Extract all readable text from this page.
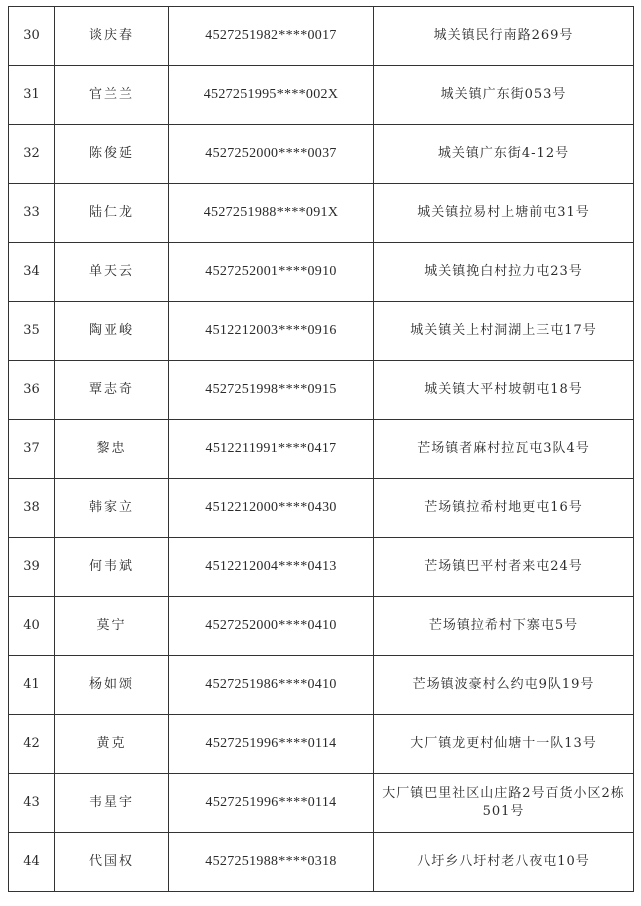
30	谈庆春	4527251982****0017	城关镇民行南路269号
31	官兰兰	4527251995****002X	城关镇广东街053号
32	陈俊延	4527252000****0037	城关镇广东街4-12号
33	陆仁龙	4527251988****091X	城关镇拉易村上塘前屯31号
34	单天云	4527252001****0910	城关镇挽白村拉力屯23号
35	陶亚峻	4512212003****0916	城关镇关上村洞湖上三屯17号
36	覃志奇	4527251998****0915	城关镇大平村坡朝屯18号
37	黎忠	4512211991****0417	芒场镇者麻村拉瓦屯3队4号
38	韩家立	4512212000****0430	芒场镇拉希村地更屯16号
39	何韦斌	4512212004****0413	芒场镇巴平村者来屯24号
40	莫宁	4527252000****0410	芒场镇拉希村下寨屯5号
41	杨如颂	4527251986****0410	芒场镇波豪村么约屯9队19号
42	黄克	4527251996****0114	大厂镇龙更村仙塘十一队13号
43	韦星宇	4527251996****0114	大厂镇巴里社区山庄路2号百货小区2栋501号
44	代国权	4527251988****0318	八圩乡八圩村老八夜屯10号
